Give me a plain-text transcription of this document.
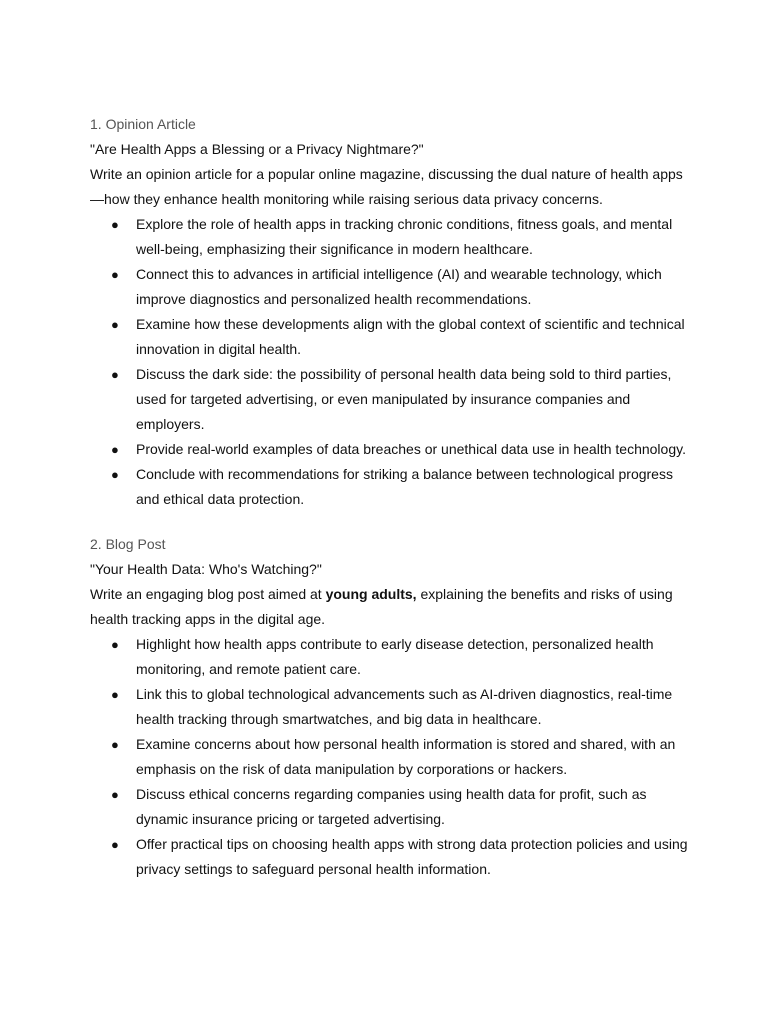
1. Opinion Article

"Are Health Apps a Blessing or a Privacy Nightmare?"

Write an opinion article for a popular online magazine, discussing the dual nature of health apps —how they enhance health monitoring while raising serious data privacy concerns.

● Explore the role of health apps in tracking chronic conditions, fitness goals, and mental well-being, emphasizing their significance in modern healthcare.
● Connect this to advances in artificial intelligence (AI) and wearable technology, which improve diagnostics and personalized health recommendations.
● Examine how these developments align with the global context of scientific and technical innovation in digital health.
● Discuss the dark side: the possibility of personal health data being sold to third parties, used for targeted advertising, or even manipulated by insurance companies and employers.
● Provide real-world examples of data breaches or unethical data use in health technology.
● Conclude with recommendations for striking a balance between technological progress and ethical data protection.

2. Blog Post

"Your Health Data: Who's Watching?"

Write an engaging blog post aimed at young adults, explaining the benefits and risks of using health tracking apps in the digital age.

● Highlight how health apps contribute to early disease detection, personalized health monitoring, and remote patient care.
● Link this to global technological advancements such as AI-driven diagnostics, real-time health tracking through smartwatches, and big data in healthcare.
● Examine concerns about how personal health information is stored and shared, with an emphasis on the risk of data manipulation by corporations or hackers.
● Discuss ethical concerns regarding companies using health data for profit, such as dynamic insurance pricing or targeted advertising.
● Offer practical tips on choosing health apps with strong data protection policies and using privacy settings to safeguard personal health information.
